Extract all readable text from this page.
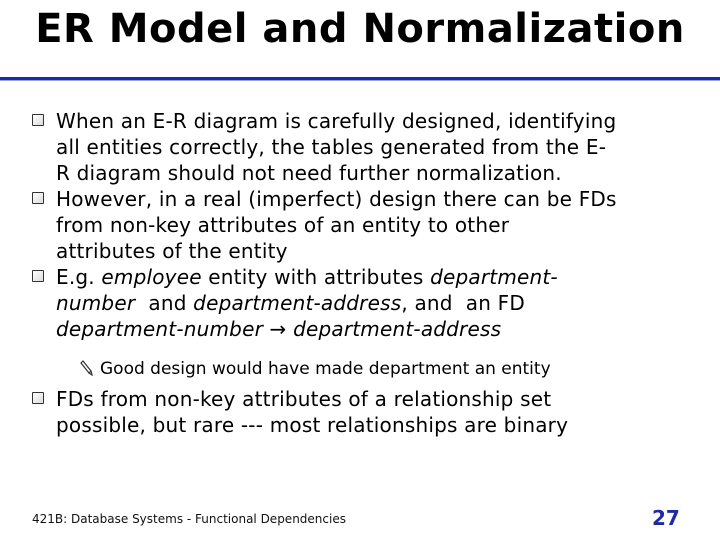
ER Model and Normalization
When an E-R diagram is carefully designed, identifying
all entities correctly, the tables generated from the E-
R diagram should not need further normalization.
However, in a real (imperfect) design there can be FDs
from non-key attributes of an entity to other
attributes of the entity
E.g. employee entity with attributes department-
number  and department-address, and  an FD
department-number → department-address
Good design would have made department an entity
FDs from non-key attributes of a relationship set
possible, but rare --- most relationships are binary
421B: Database Systems - Functional Dependencies	27
